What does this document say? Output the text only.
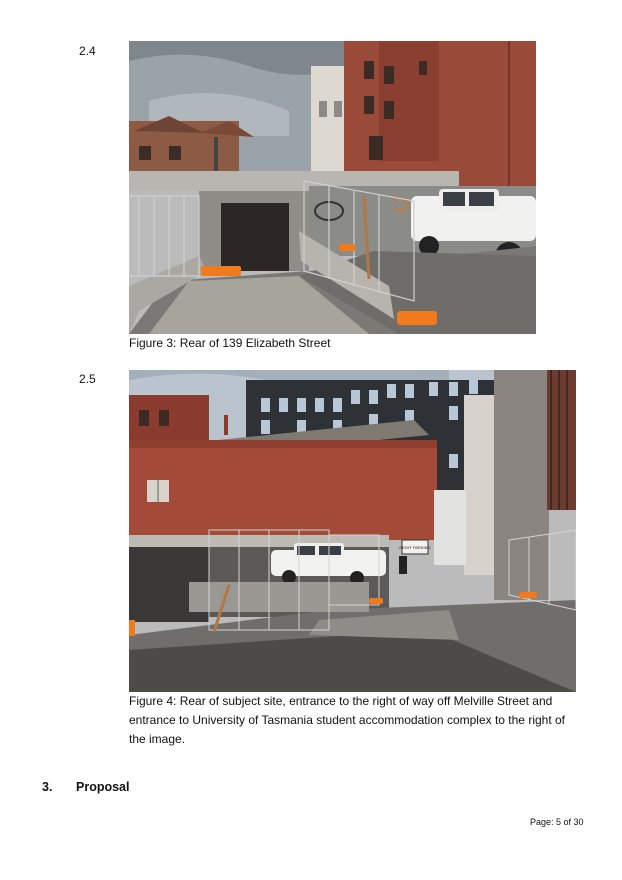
2.4
Figure 3: Rear of 139 Elizabeth Street
2.5
RIGHT PARKING
Figure 4: Rear of subject site, entrance to the right of way off Melville Street and entrance to University of Tasmania student accommodation complex to the right of the image.
3. Proposal
Page: 5 of 30
